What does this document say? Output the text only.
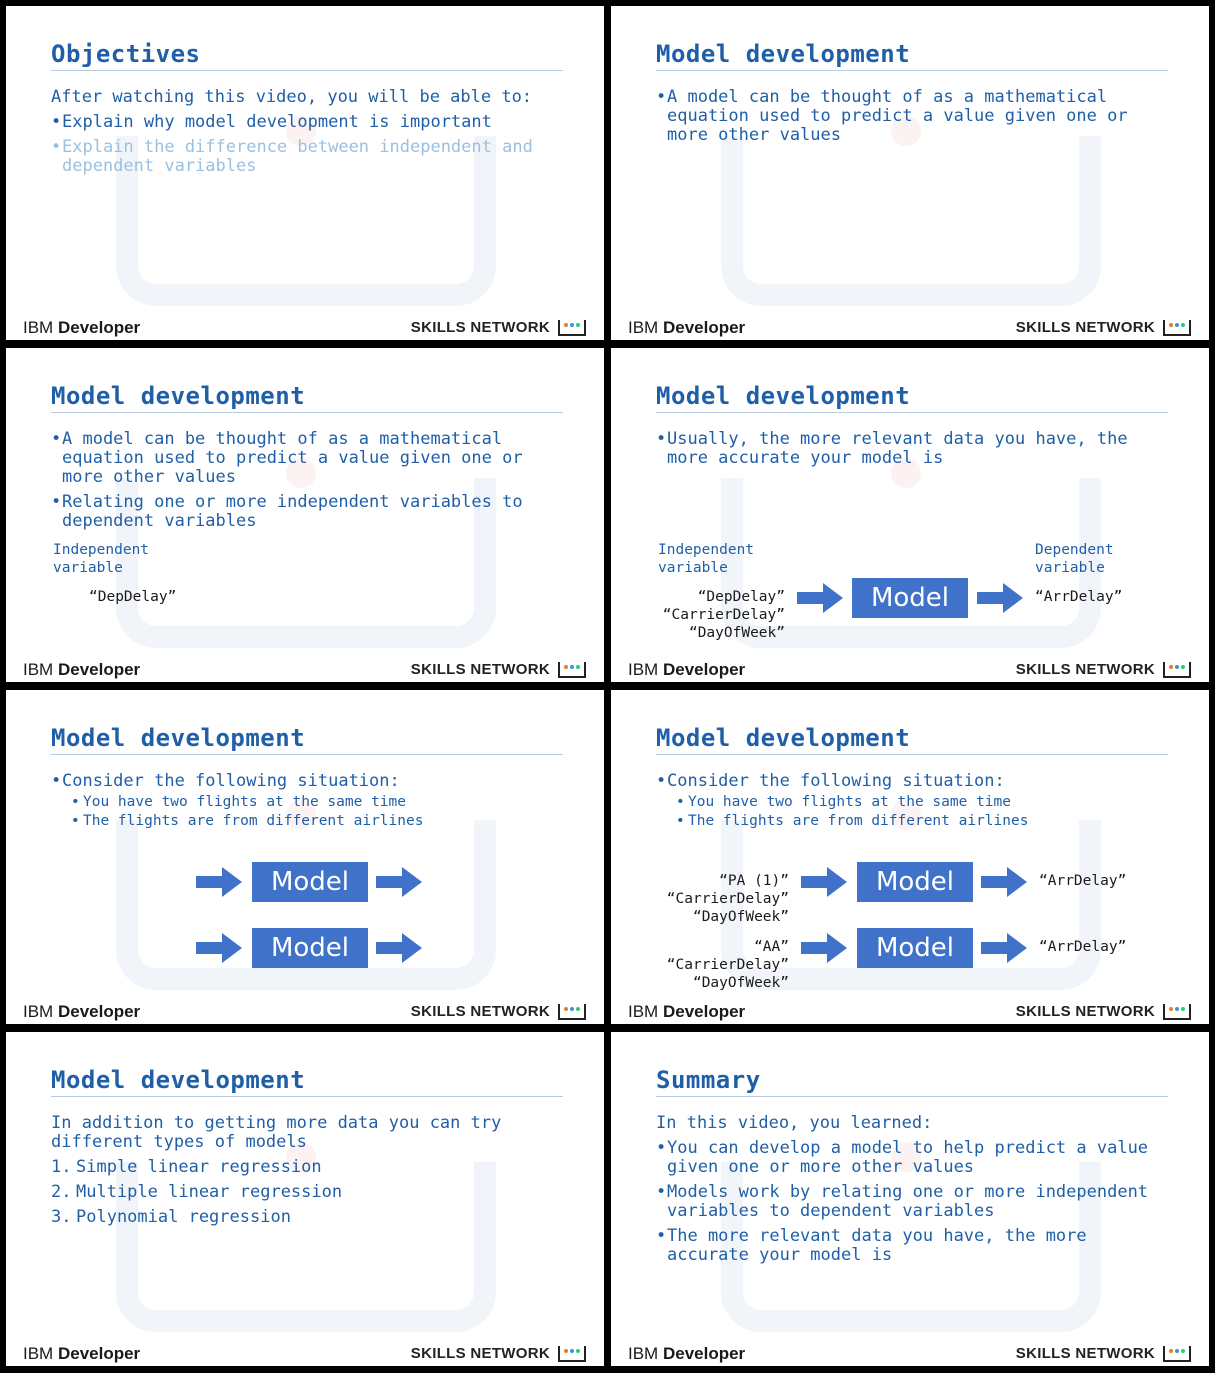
Objectives
After watching this video, you will be able to:
• Explain why model development is important
• Explain the difference between independent and dependent variables
IBM Developer	SKILLS NETWORK
Model development
• A model can be thought of as a mathematical equation used to predict a value given one or more other values
IBM Developer	SKILLS NETWORK
Model development
• A model can be thought of as a mathematical equation used to predict a value given one or more other values
• Relating one or more independent variables to dependent variables
Independent
variable
“DepDelay”
IBM Developer	SKILLS NETWORK
Model development
• Usually, the more relevant data you have, the more accurate your model is
Independent
variable
Dependent
variable
“DepDelay”
“CarrierDelay”
“DayOfWeek”
Model	“ArrDelay”
IBM Developer	SKILLS NETWORK
Model development
• Consider the following situation:
• You have two flights at the same time
• The flights are from different airlines
Model
Model
IBM Developer	SKILLS NETWORK
Model development
• Consider the following situation:
• You have two flights at the same time
• The flights are from different airlines
“PA (1)”
“CarrierDelay”
“DayOfWeek”
Model	“ArrDelay”
“AA”
“CarrierDelay”
“DayOfWeek”
Model	“ArrDelay”
IBM Developer	SKILLS NETWORK
Model development
In addition to getting more data you can try different types of models
1. Simple linear regression
2. Multiple linear regression
3. Polynomial regression
IBM Developer	SKILLS NETWORK
Summary
In this video, you learned:
• You can develop a model to help predict a value given one or more other values
• Models work by relating one or more independent variables to dependent variables
• The more relevant data you have, the more accurate your model is
IBM Developer	SKILLS NETWORK
